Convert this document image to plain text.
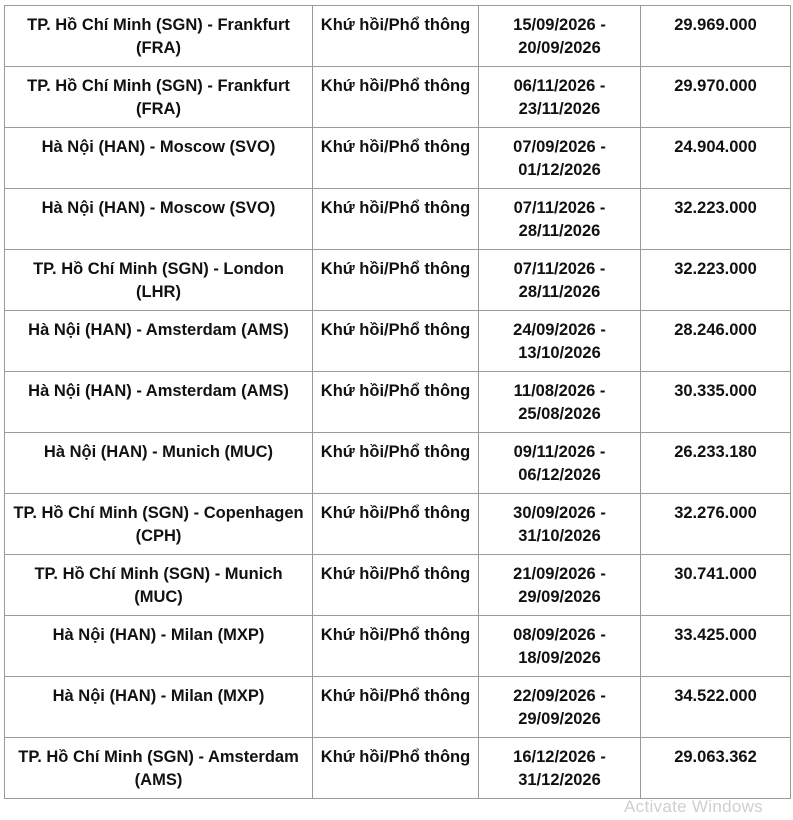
TP. Hồ Chí Minh (SGN) - Frankfurt (FRA)	Khứ hồi/Phổ thông	15/09/2026 - 20/09/2026	29.969.000
TP. Hồ Chí Minh (SGN) - Frankfurt (FRA)	Khứ hồi/Phổ thông	06/11/2026 - 23/11/2026	29.970.000
Hà Nội (HAN) - Moscow (SVO)	Khứ hồi/Phổ thông	07/09/2026 - 01/12/2026	24.904.000
Hà Nội (HAN) - Moscow (SVO)	Khứ hồi/Phổ thông	07/11/2026 - 28/11/2026	32.223.000
TP. Hồ Chí Minh (SGN) - London (LHR)	Khứ hồi/Phổ thông	07/11/2026 - 28/11/2026	32.223.000
Hà Nội (HAN) - Amsterdam (AMS)	Khứ hồi/Phổ thông	24/09/2026 - 13/10/2026	28.246.000
Hà Nội (HAN) - Amsterdam (AMS)	Khứ hồi/Phổ thông	11/08/2026 - 25/08/2026	30.335.000
Hà Nội (HAN) - Munich (MUC)	Khứ hồi/Phổ thông	09/11/2026 - 06/12/2026	26.233.180
TP. Hồ Chí Minh (SGN) - Copenhagen (CPH)	Khứ hồi/Phổ thông	30/09/2026 - 31/10/2026	32.276.000
TP. Hồ Chí Minh (SGN) - Munich (MUC)	Khứ hồi/Phổ thông	21/09/2026 - 29/09/2026	30.741.000
Hà Nội (HAN) - Milan (MXP)	Khứ hồi/Phổ thông	08/09/2026 - 18/09/2026	33.425.000
Hà Nội (HAN) - Milan (MXP)	Khứ hồi/Phổ thông	22/09/2026 - 29/09/2026	34.522.000
TP. Hồ Chí Minh (SGN) - Amsterdam (AMS)	Khứ hồi/Phổ thông	16/12/2026 - 31/12/2026	29.063.362
Activate Windows
